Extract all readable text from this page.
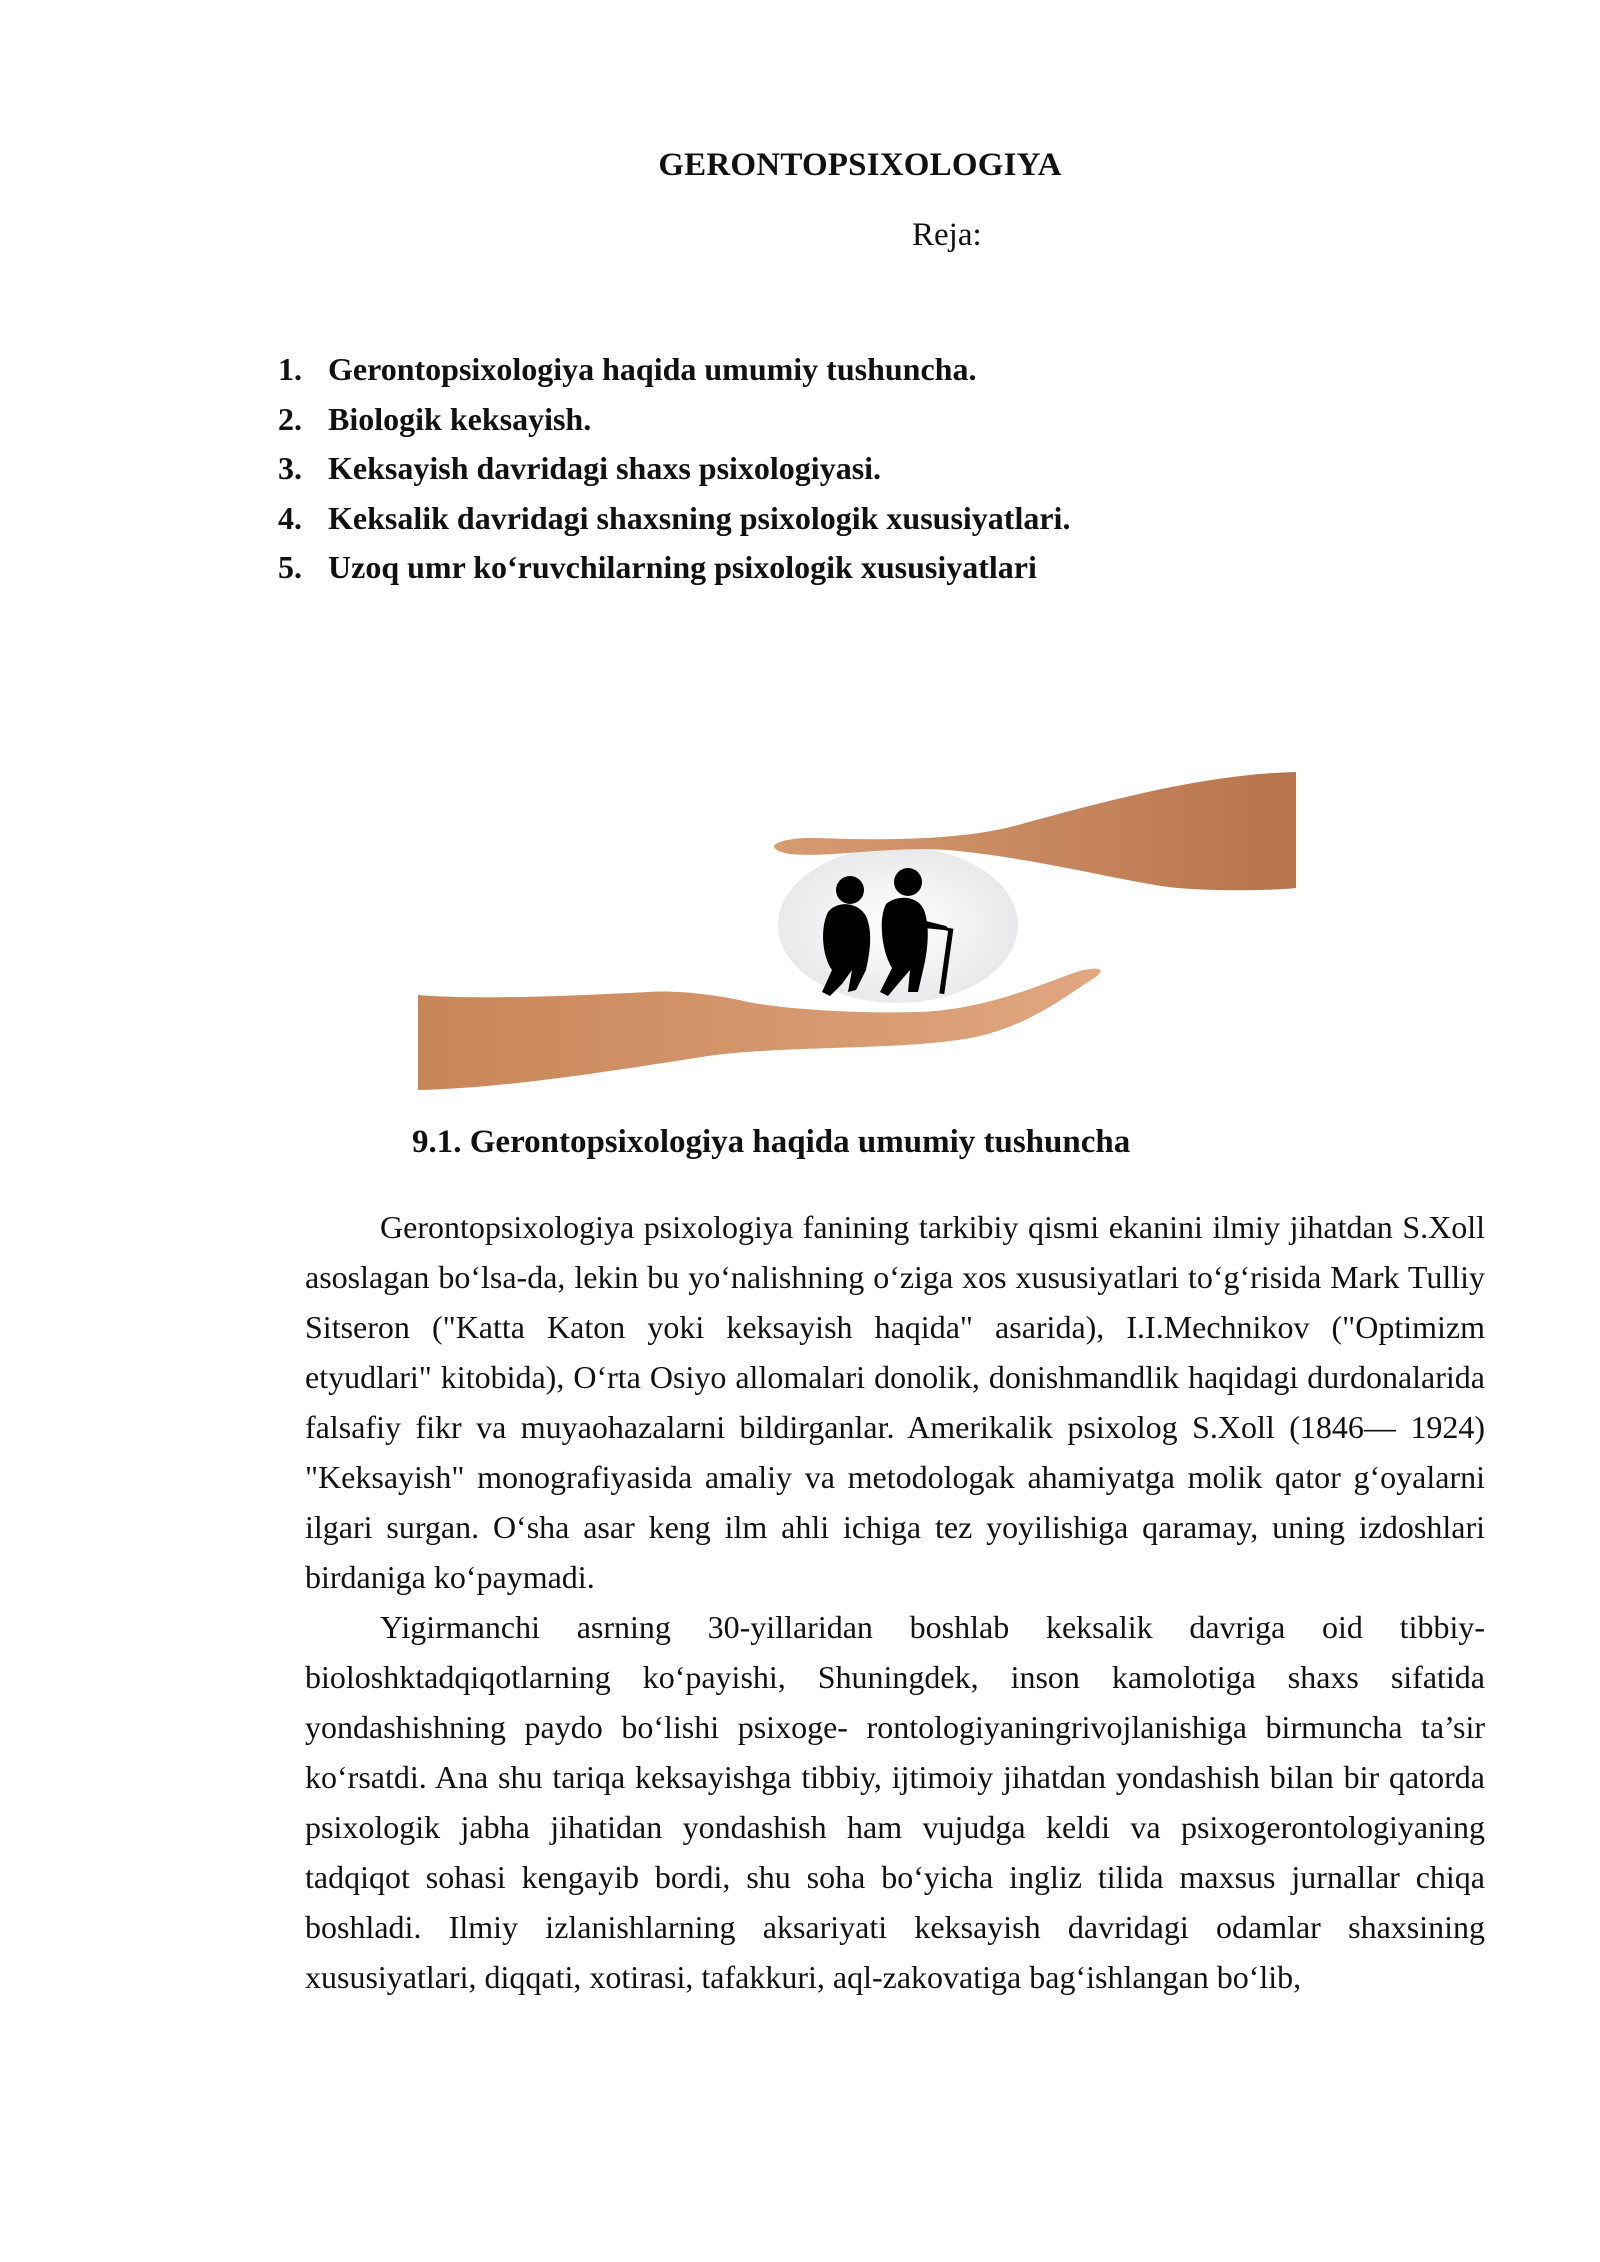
GERONTOPSIXOLOGIYA
Reja:
1. Gerontopsixologiya haqida umumiy tushuncha.
2. Biologik keksayish.
3. Keksayish davridagi shaxs psixologiyasi.
4. Keksalik davridagi shaxsning psixologik xususiyatlari.
5. Uzoq umr ko‘ruvchilarning psixologik xususiyatlari
9.1. Gerontopsixologiya haqida umumiy tushuncha

Gerontopsixologiya psixologiya fanining tarkibiy qismi ekanini ilmiy jihatdan S.Xoll asoslagan bo‘lsa-da, lekin bu yo‘nalishning o‘ziga xos xususiyatlari to‘g‘risida Mark Tulliy Sitseron ("Katta Katon yoki keksayish haqida" asarida), I.I.Mechnikov ("Optimizm etyudlari" kitobida), O‘rta Osiyo allomalari donolik, donishmandlik haqidagi durdonalarida falsafiy fikr va muyaohazalarni bildirganlar. Amerikalik psixolog S.Xoll (1846— 1924) "Keksayish" monografiyasida amaliy va metodologak ahamiyatga molik qator g‘oyalarni ilgari surgan. O‘sha asar keng ilm ahli ichiga tez yoyilishiga qaramay, uning izdoshlari birdaniga ko‘paymadi.

Yigirmanchi asrning 30-yillaridan boshlab keksalik davriga oid tibbiy-bioloshktadqiqotlarning ko‘payishi, Shuningdek, inson kamolotiga shaxs sifatida yondashishning paydo bo‘lishi psixoge- rontologiyaningrivojlanishiga birmuncha ta’sir ko‘rsatdi. Ana shu tariqa keksayishga tibbiy, ijtimoiy jihatdan yondashish bilan bir qatorda psixologik jabha jihatidan yondashish ham vujudga keldi va psixogerontologiyaning tadqiqot sohasi kengayib bordi, shu soha bo‘yicha ingliz tilida maxsus jurnallar chiqa boshladi. Ilmiy izlanishlarning aksariyati keksayish davridagi odamlar shaxsining xususiyatlari, diqqati, xotirasi, tafakkuri, aql-zakovatiga bag‘ishlangan bo‘lib,
